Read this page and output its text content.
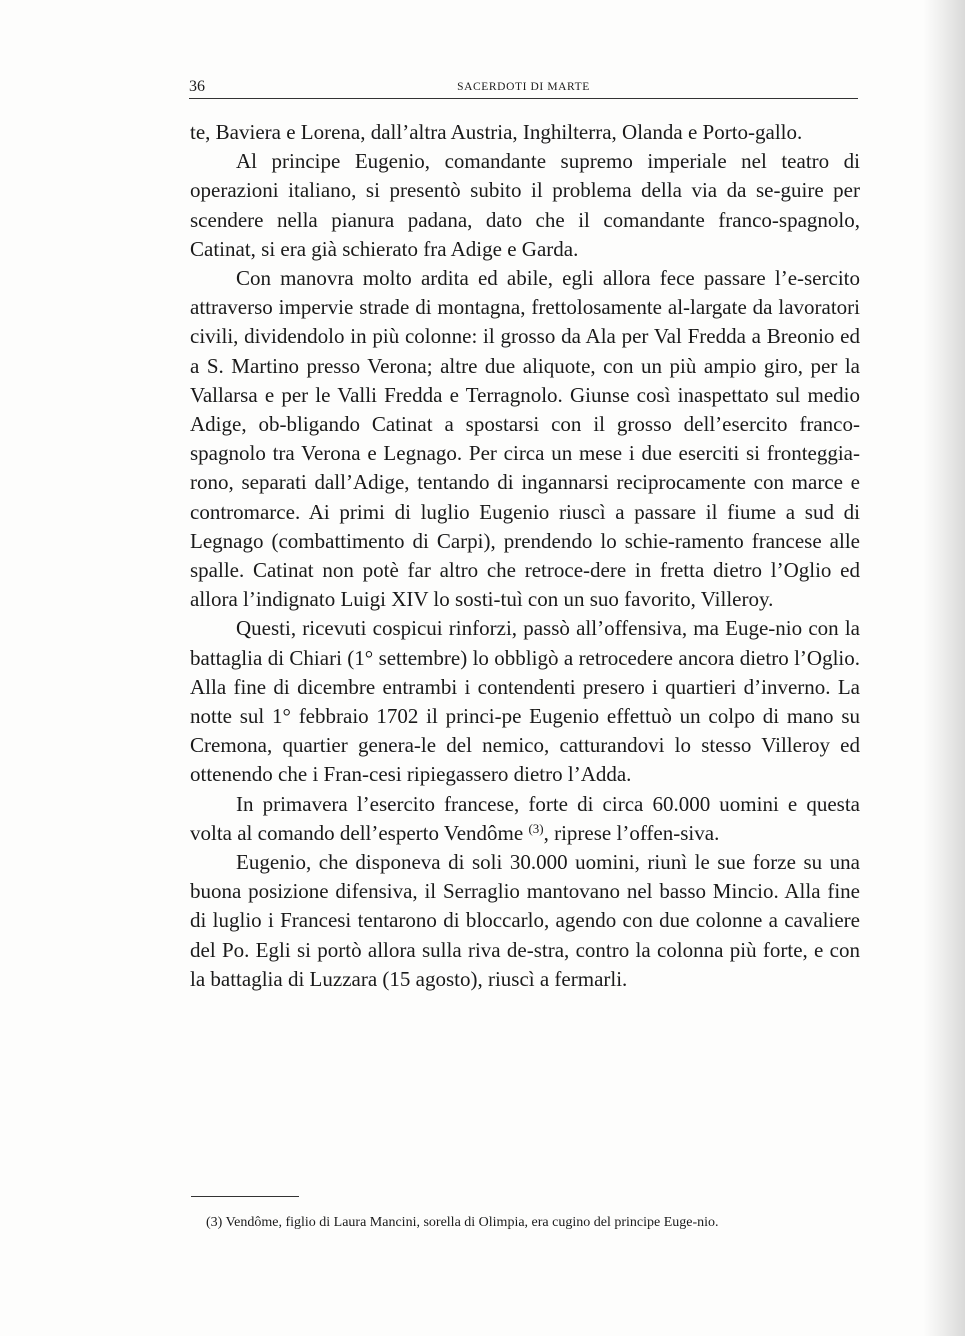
36	SACERDOTI DI MARTE

te, Baviera e Lorena, dall’altra Austria, Inghilterra, Olanda e Porto-gallo.

Al principe Eugenio, comandante supremo imperiale nel teatro di operazioni italiano, si presentò subito il problema della via da se-guire per scendere nella pianura padana, dato che il comandante franco-spagnolo, Catinat, si era già schierato fra Adige e Garda.

Con manovra molto ardita ed abile, egli allora fece passare l’e-sercito attraverso impervie strade di montagna, frettolosamente al-largate da lavoratori civili, dividendolo in più colonne: il grosso da Ala per Val Fredda a Breonio ed a S. Martino presso Verona; altre due aliquote, con un più ampio giro, per la Vallarsa e per le Valli Fredda e Terragnolo. Giunse così inaspettato sul medio Adige, ob-bligando Catinat a spostarsi con il grosso dell’esercito franco-spagnolo tra Verona e Legnago. Per circa un mese i due eserciti si fronteggia-rono, separati dall’Adige, tentando di ingannarsi reciprocamente con marce e contromarce. Ai primi di luglio Eugenio riuscì a passare il fiume a sud di Legnago (combattimento di Carpi), prendendo lo schie-ramento francese alle spalle. Catinat non potè far altro che retroce-dere in fretta dietro l’Oglio ed allora l’indignato Luigi XIV lo sosti-tuì con un suo favorito, Villeroy.

Questi, ricevuti cospicui rinforzi, passò all’offensiva, ma Euge-nio con la battaglia di Chiari (1° settembre) lo obbligò a retrocedere ancora dietro l’Oglio. Alla fine di dicembre entrambi i contendenti presero i quartieri d’inverno. La notte sul 1° febbraio 1702 il princi-pe Eugenio effettuò un colpo di mano su Cremona, quartier genera-le del nemico, catturandovi lo stesso Villeroy ed ottenendo che i Fran-cesi ripiegassero dietro l’Adda.

In primavera l’esercito francese, forte di circa 60.000 uomini e questa volta al comando dell’esperto Vendôme $^{(3)}$, riprese l’offen-siva.

Eugenio, che disponeva di soli 30.000 uomini, riunì le sue forze su una buona posizione difensiva, il Serraglio mantovano nel basso Mincio. Alla fine di luglio i Francesi tentarono di bloccarlo, agendo con due colonne a cavaliere del Po. Egli si portò allora sulla riva de-stra, contro la colonna più forte, e con la battaglia di Luzzara (15 agosto), riuscì a fermarli.

(3) Vendôme, figlio di Laura Mancini, sorella di Olimpia, era cugino del principe Euge-nio.
